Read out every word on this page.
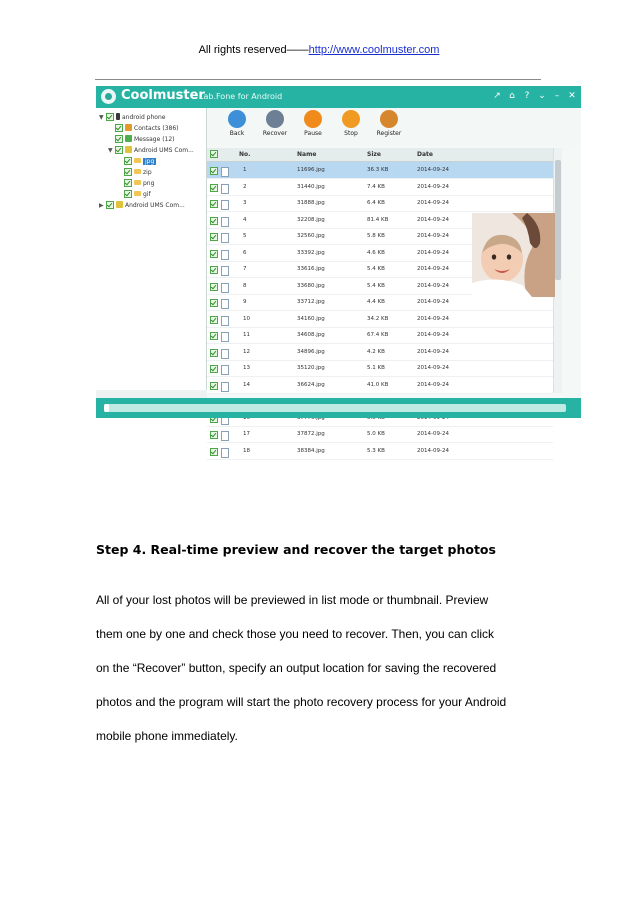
All rights reserved——http://www.coolmuster.com
Coolmuster
Lab.Fone for Android	↗ ⌂	? ⌄ – ✕
▼	android phone
Contacts (386)
Message (12)
▼	Android UMS Com...
jpg
zip
png
gif
▶	Android UMS Com...
Back	Recover	Pause	Stop	Register
No.	Name	Size	Date
1	11696.jpg	36.3 KB	2014-09-24
2	31440.jpg	7.4 KB	2014-09-24
3	31888.jpg	6.4 KB	2014-09-24
4	32208.jpg	81.4 KB	2014-09-24
5	32560.jpg	5.8 KB	2014-09-24
6	33392.jpg	4.6 KB	2014-09-24
7	33616.jpg	5.4 KB	2014-09-24
8	33680.jpg	5.4 KB	2014-09-24
9	33712.jpg	4.4 KB	2014-09-24
10	34160.jpg	34.2 KB	2014-09-24
11	34608.jpg	67.4 KB	2014-09-24
12	34896.jpg	4.2 KB	2014-09-24
13	35120.jpg	5.1 KB	2014-09-24
14	36624.jpg	41.0 KB	2014-09-24
17	37872.jpg	5.0 KB	2014-09-24
18	38384.jpg	5.3 KB	2014-09-24
Step 4. Real-time preview and recover the target photos
All of your lost photos will be previewed in list mode or thumbnail. Preview
them one by one and check those you need to recover. Then, you can click
on the “Recover” button, specify an output location for saving the recovered
photos and the program will start the photo recovery process for your Android
mobile phone immediately.
